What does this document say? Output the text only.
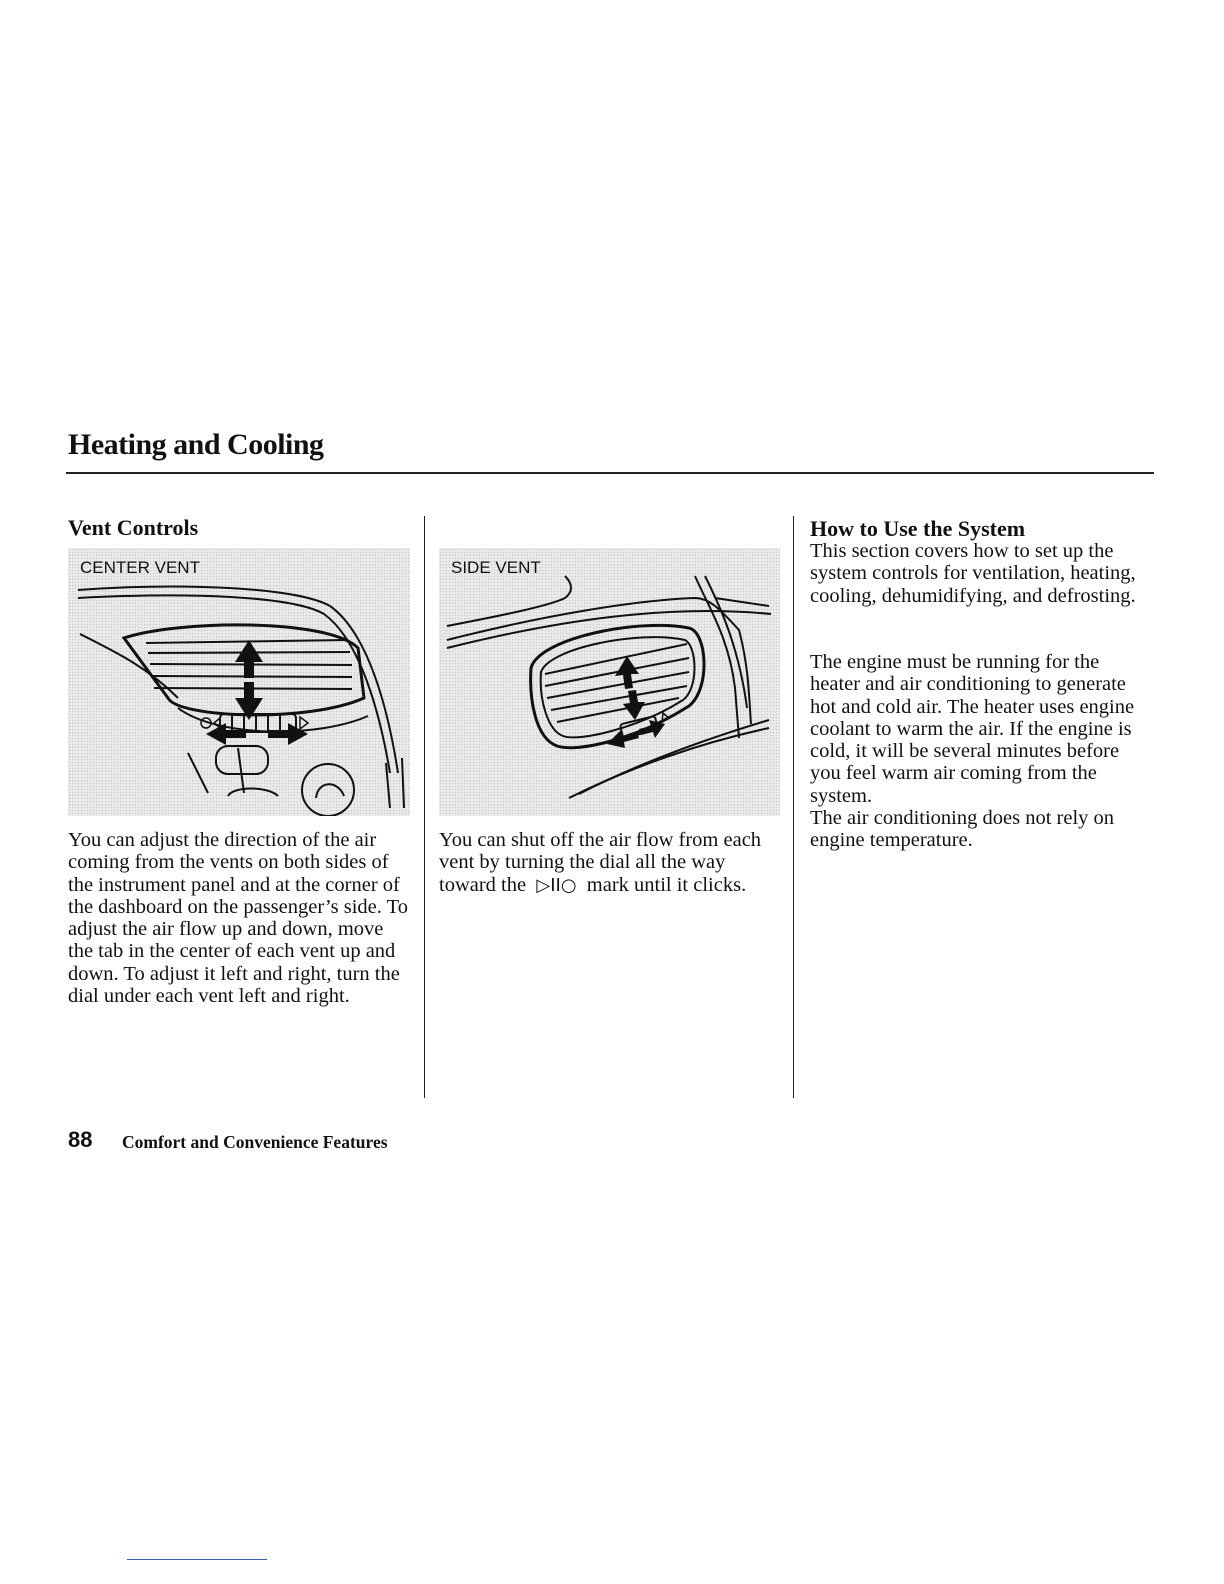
Heating and Cooling
Vent Controls
CENTER VENT

You can adjust the direction of the air coming from the vents on both sides of the instrument panel and at the corner of the dashboard on the passenger’s side. To adjust the air flow up and down, move the tab in the center of each vent up and down. To adjust it left and right, turn the dial under each vent left and right.

SIDE VENT

You can shut off the air flow from each vent by turning the dial all the way toward the ▷II○ mark until it clicks.

How to Use the System

This section covers how to set up the system controls for ventilation, heating, cooling, dehumidifying, and defrosting.

The engine must be running for the heater and air conditioning to generate hot and cold air. The heater uses engine coolant to warm the air. If the engine is cold, it will be several minutes before you feel warm air coming from the system.

The air conditioning does not rely on engine temperature.

88 Comfort and Convenience Features
